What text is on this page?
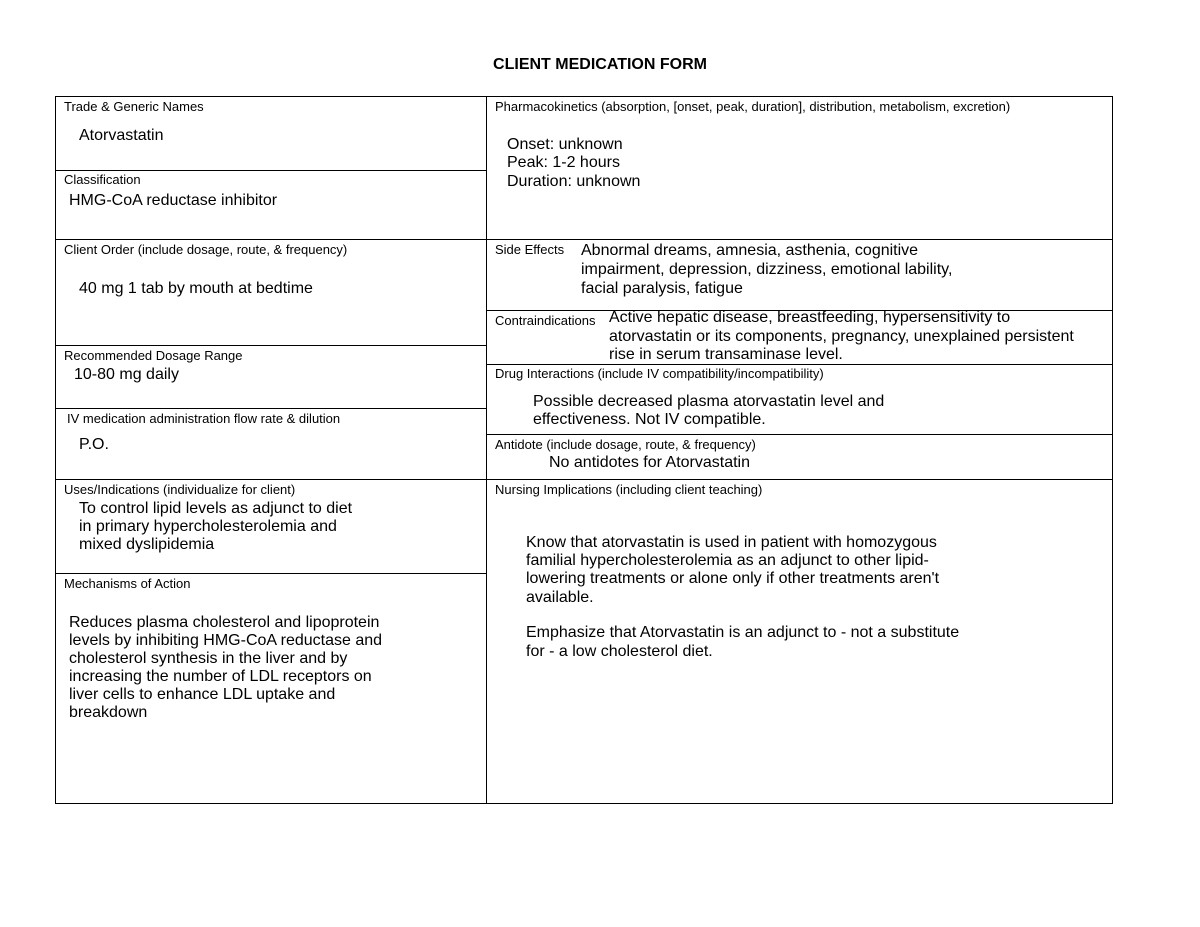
CLIENT MEDICATION FORM
Trade & Generic Names
Atorvastatin
Classification
HMG-CoA reductase inhibitor
Client Order (include dosage, route, & frequency)
40 mg 1 tab by mouth at bedtime
Recommended Dosage Range
10-80 mg daily
IV medication administration flow rate & dilution
P.O.
Uses/Indications (individualize for client)
To control lipid levels as adjunct to diet
in primary hypercholesterolemia and
mixed dyslipidemia
Mechanisms of Action
Reduces plasma cholesterol and lipoprotein
levels by inhibiting HMG-CoA reductase and
cholesterol synthesis in the liver and by
increasing the number of LDL receptors on
liver cells to enhance LDL uptake and
breakdown
Pharmacokinetics (absorption, [onset, peak, duration], distribution, metabolism, excretion)
Onset: unknown
Peak: 1-2 hours
Duration: unknown
Side Effects Abnormal dreams, amnesia, asthenia, cognitive
impairment, depression, dizziness, emotional lability,
facial paralysis, fatigue
Contraindications Active hepatic disease, breastfeeding, hypersensitivity to
atorvastatin or its components, pregnancy, unexplained persistent
rise in serum transaminase level.
Drug Interactions (include IV compatibility/incompatibility)
Possible decreased plasma atorvastatin level and
effectiveness. Not IV compatible.
Antidote (include dosage, route, & frequency)
No antidotes for Atorvastatin
Nursing Implications (including client teaching)
Know that atorvastatin is used in patient with homozygous
familial hypercholesterolemia as an adjunct to other lipid-
lowering treatments or alone only if other treatments aren't
available.
Emphasize that Atorvastatin is an adjunct to - not a substitute
for - a low cholesterol diet.
